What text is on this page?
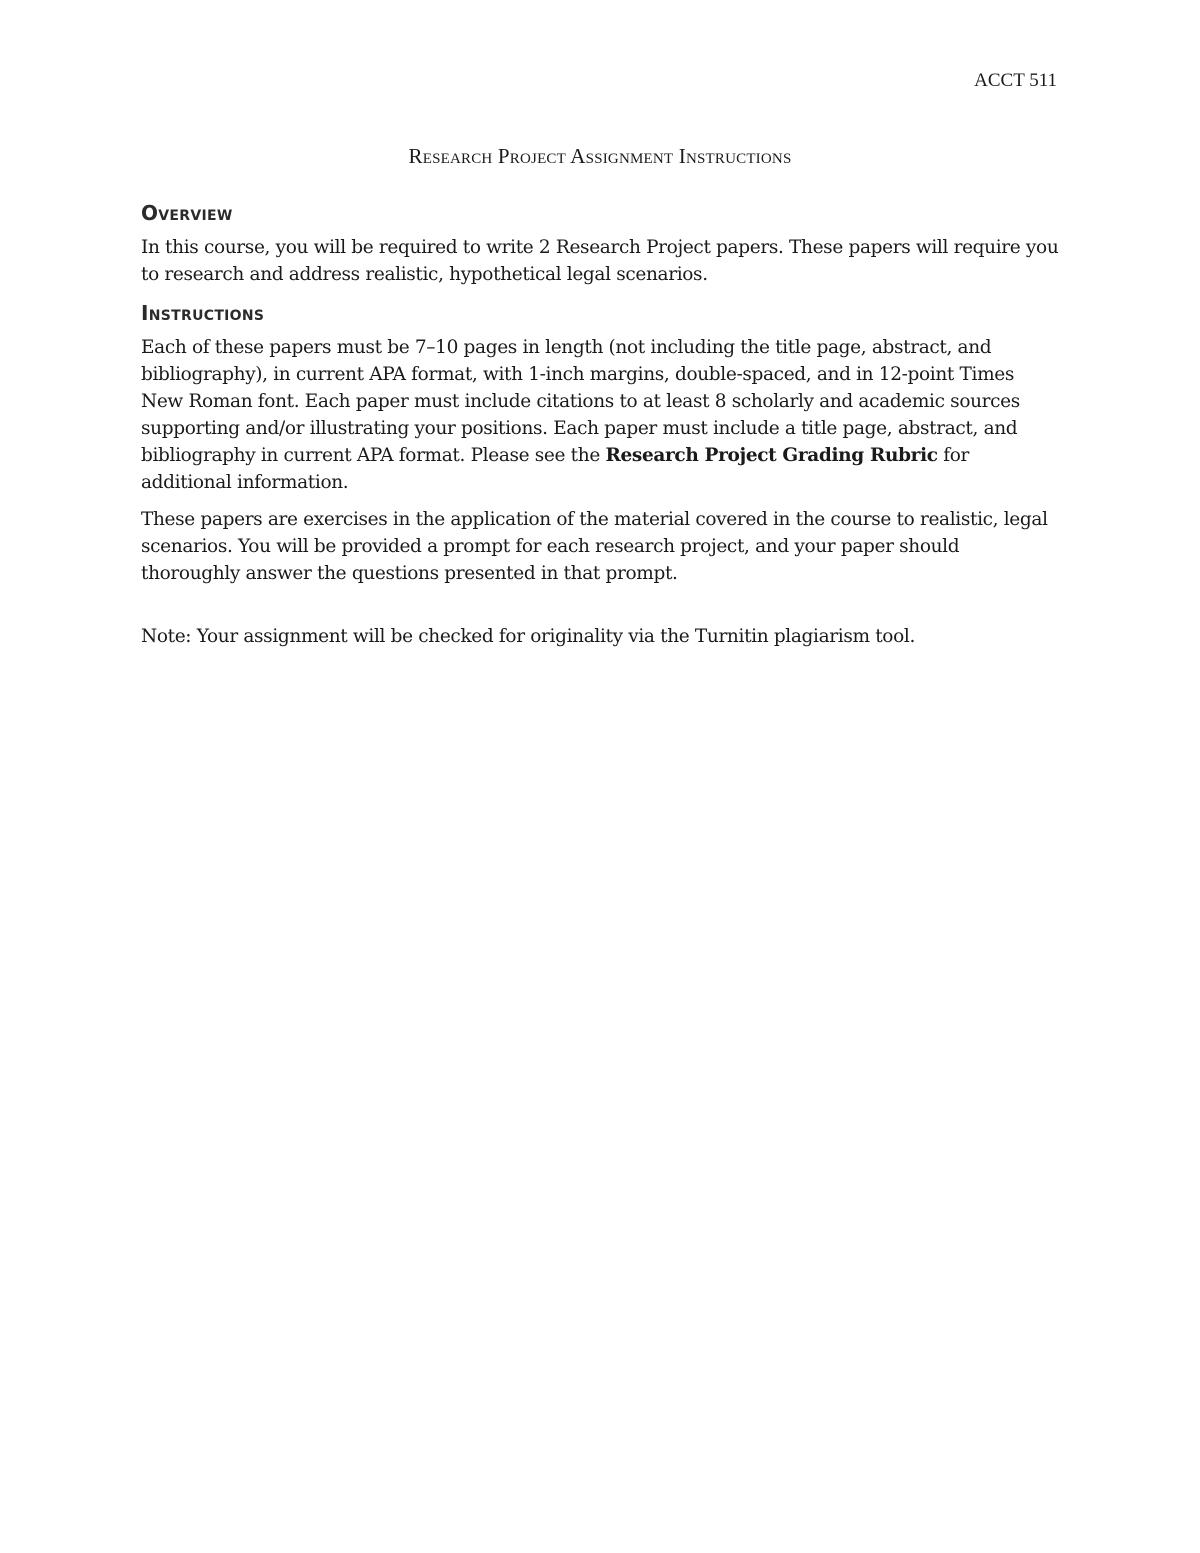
ACCT 511
Research Project Assignment Instructions
Overview

In this course, you will be required to write 2 Research Project papers. These papers will require you to research and address realistic, hypothetical legal scenarios.

Instructions

Each of these papers must be 7–10 pages in length (not including the title page, abstract, and bibliography), in current APA format, with 1-inch margins, double-spaced, and in 12-point Times New Roman font. Each paper must include citations to at least 8 scholarly and academic sources supporting and/or illustrating your positions. Each paper must include a title page, abstract, and bibliography in current APA format. Please see the Research Project Grading Rubric for additional information.

These papers are exercises in the application of the material covered in the course to realistic, legal scenarios. You will be provided a prompt for each research project, and your paper should thoroughly answer the questions presented in that prompt.

Note: Your assignment will be checked for originality via the Turnitin plagiarism tool.
